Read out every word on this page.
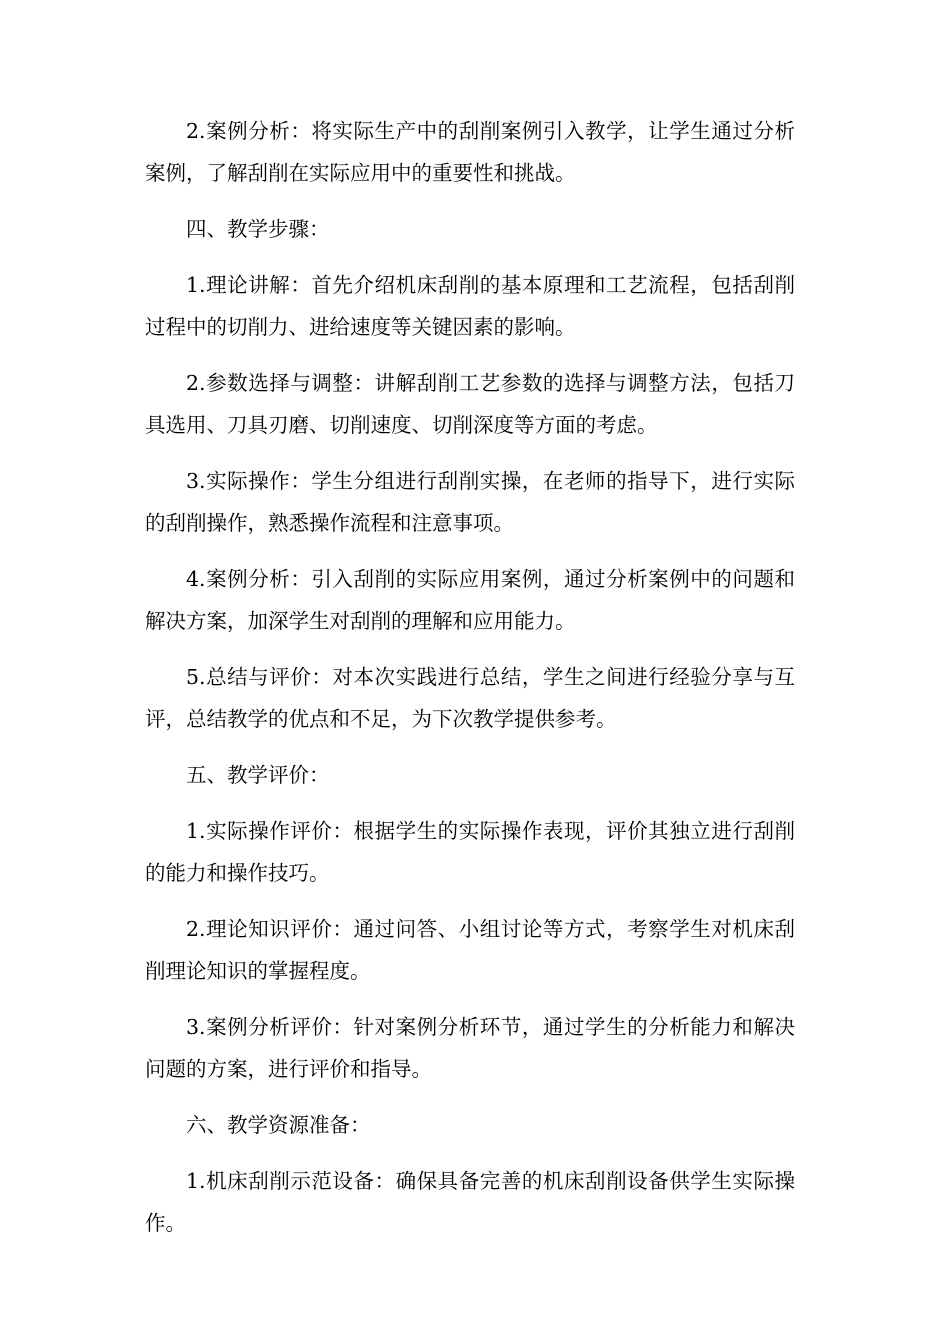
2.案例分析：将实际生产中的刮削案例引入教学，让学生通过分析案例，了解刮削在实际应用中的重要性和挑战。

四、教学步骤：

1.理论讲解：首先介绍机床刮削的基本原理和工艺流程，包括刮削过程中的切削力、进给速度等关键因素的影响。

2.参数选择与调整：讲解刮削工艺参数的选择与调整方法，包括刀具选用、刀具刃磨、切削速度、切削深度等方面的考虑。

3.实际操作：学生分组进行刮削实操，在老师的指导下，进行实际的刮削操作，熟悉操作流程和注意事项。

4.案例分析：引入刮削的实际应用案例，通过分析案例中的问题和解决方案，加深学生对刮削的理解和应用能力。

5.总结与评价：对本次实践进行总结，学生之间进行经验分享与互评，总结教学的优点和不足，为下次教学提供参考。

五、教学评价：

1.实际操作评价：根据学生的实际操作表现，评价其独立进行刮削的能力和操作技巧。

2.理论知识评价：通过问答、小组讨论等方式，考察学生对机床刮削理论知识的掌握程度。

3.案例分析评价：针对案例分析环节，通过学生的分析能力和解决问题的方案，进行评价和指导。

六、教学资源准备：

1.机床刮削示范设备：确保具备完善的机床刮削设备供学生实际操作。
